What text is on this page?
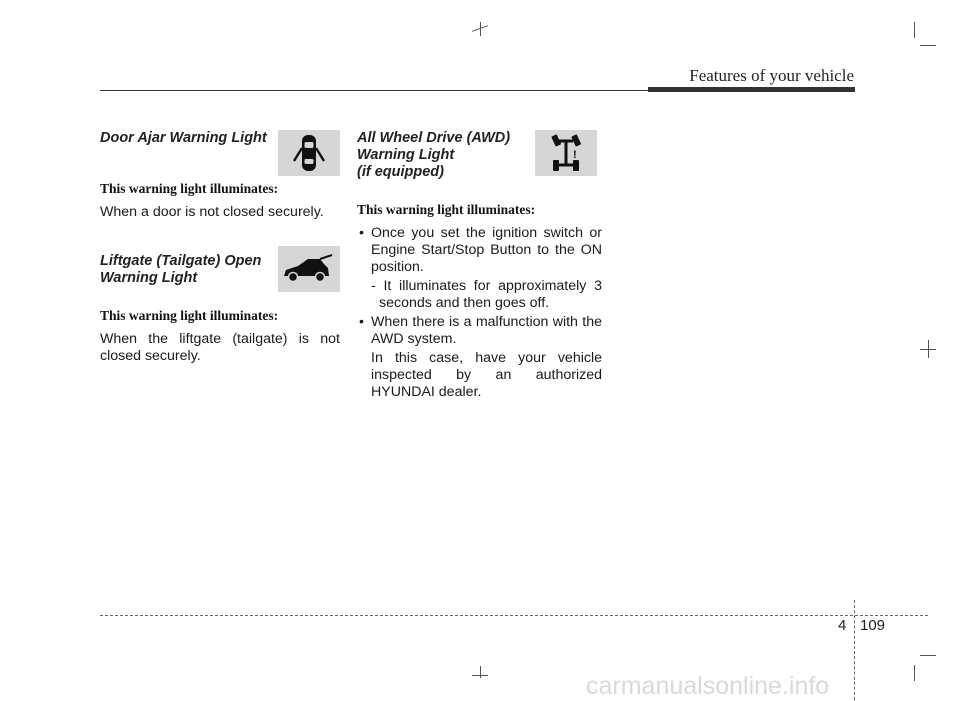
Features of your vehicle

Door Ajar Warning Light

This warning light illuminates:

When a door is not closed securely.

Liftgate (Tailgate) Open
Warning Light

This warning light illuminates:

When the liftgate (tailgate) is not closed securely.

All Wheel Drive (AWD)
Warning Light
(if equipped)

This warning light illuminates:

• Once you set the ignition switch or Engine Start/Stop Button to the ON position.
- It illuminates for approximately 3 seconds and then goes off.
• When there is a malfunction with the AWD system.
In this case, have your vehicle inspected by an authorized HYUNDAI dealer.
!
4 109
carmanualsonline.info
